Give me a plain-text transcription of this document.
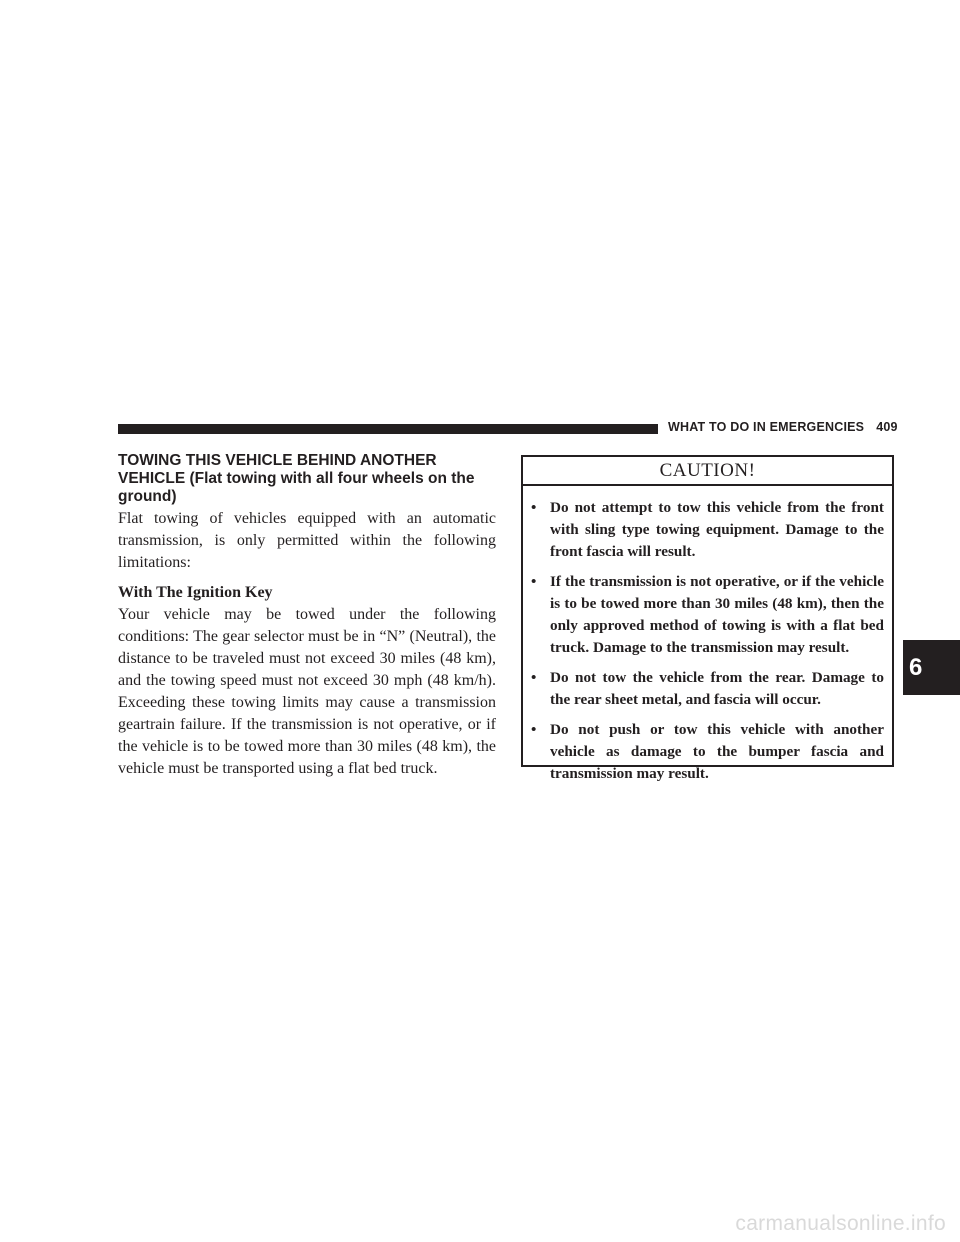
WHAT TO DO IN EMERGENCIES 409
TOWING THIS VEHICLE BEHIND ANOTHER VEHICLE (Flat towing with all four wheels on the ground)

Flat towing of vehicles equipped with an automatic transmission, is only permitted within the following limitations:

With The Ignition Key

Your vehicle may be towed under the following conditions: The gear selector must be in “N” (Neutral), the distance to be traveled must not exceed 30 miles (48 km), and the towing speed must not exceed 30 mph (48 km/h). Exceeding these towing limits may cause a transmission geartrain failure. If the transmission is not operative, or if the vehicle is to be towed more than 30 miles (48 km), the vehicle must be transported using a flat bed truck.

CAUTION!
• Do not attempt to tow this vehicle from the front with sling type towing equipment. Damage to the front fascia will result.
• If the transmission is not operative, or if the vehicle is to be towed more than 30 miles (48 km), then the only approved method of towing is with a flat bed truck. Damage to the transmission may result.
• Do not tow the vehicle from the rear. Damage to the rear sheet metal, and fascia will occur.
• Do not push or tow this vehicle with another vehicle as damage to the bumper fascia and transmission may result.
6
carmanualsonline.info
